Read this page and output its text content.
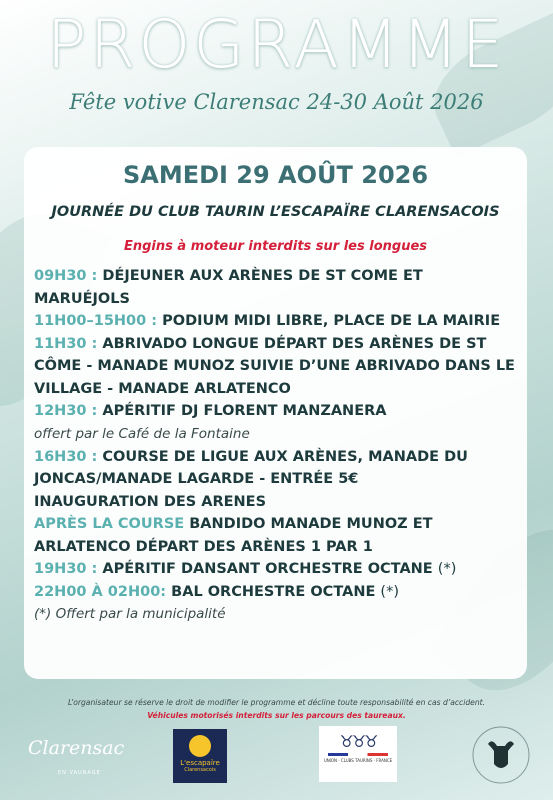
PROGRAMME
Fête votive Clarensac 24-30 Août 2026
SAMEDI 29 AOÛT 2026
JOURNÉE DU CLUB TAURIN L’ESCAPAÏRE CLARENSACOIS
Engins à moteur interdits sur les longues
09H30 : DÉJEUNER AUX ARÈNES DE ST COME ET MARUÉJOLS
11H00–15H00 : PODIUM MIDI LIBRE, PLACE DE LA MAIRIE
11H30 : ABRIVADO LONGUE DÉPART DES ARÈNES DE ST CÔME - MANADE MUNOZ SUIVIE D’UNE ABRIVADO DANS LE VILLAGE - MANADE ARLATENCO
12H30 : APÉRITIF DJ FLORENT MANZANERA
offert par le Café de la Fontaine
16H30 : COURSE DE LIGUE AUX ARÈNES, MANADE DU JONCAS/MANADE LAGARDE - ENTRÉE 5€
INAUGURATION DES ARENES
APRÈS LA COURSE BANDIDO MANADE MUNOZ ET ARLATENCO DÉPART DES ARÈNES 1 PAR 1
19H30 : APÉRITIF DANSANT ORCHESTRE OCTANE (*)
22H00 À 02H00: BAL ORCHESTRE OCTANE (*)
(*) Offert par la municipalité
L’organisateur se réserve le droit de modifier le programme et décline toute responsabilité en cas d’accident.
Véhicules motorisés interdits sur les parcours des taureaux.
Clarensac
EN VAUNAGE
L'escapaïre
Clarensacois
♉♉♉
UNION · CLUBS TAURINS · FRANCE
